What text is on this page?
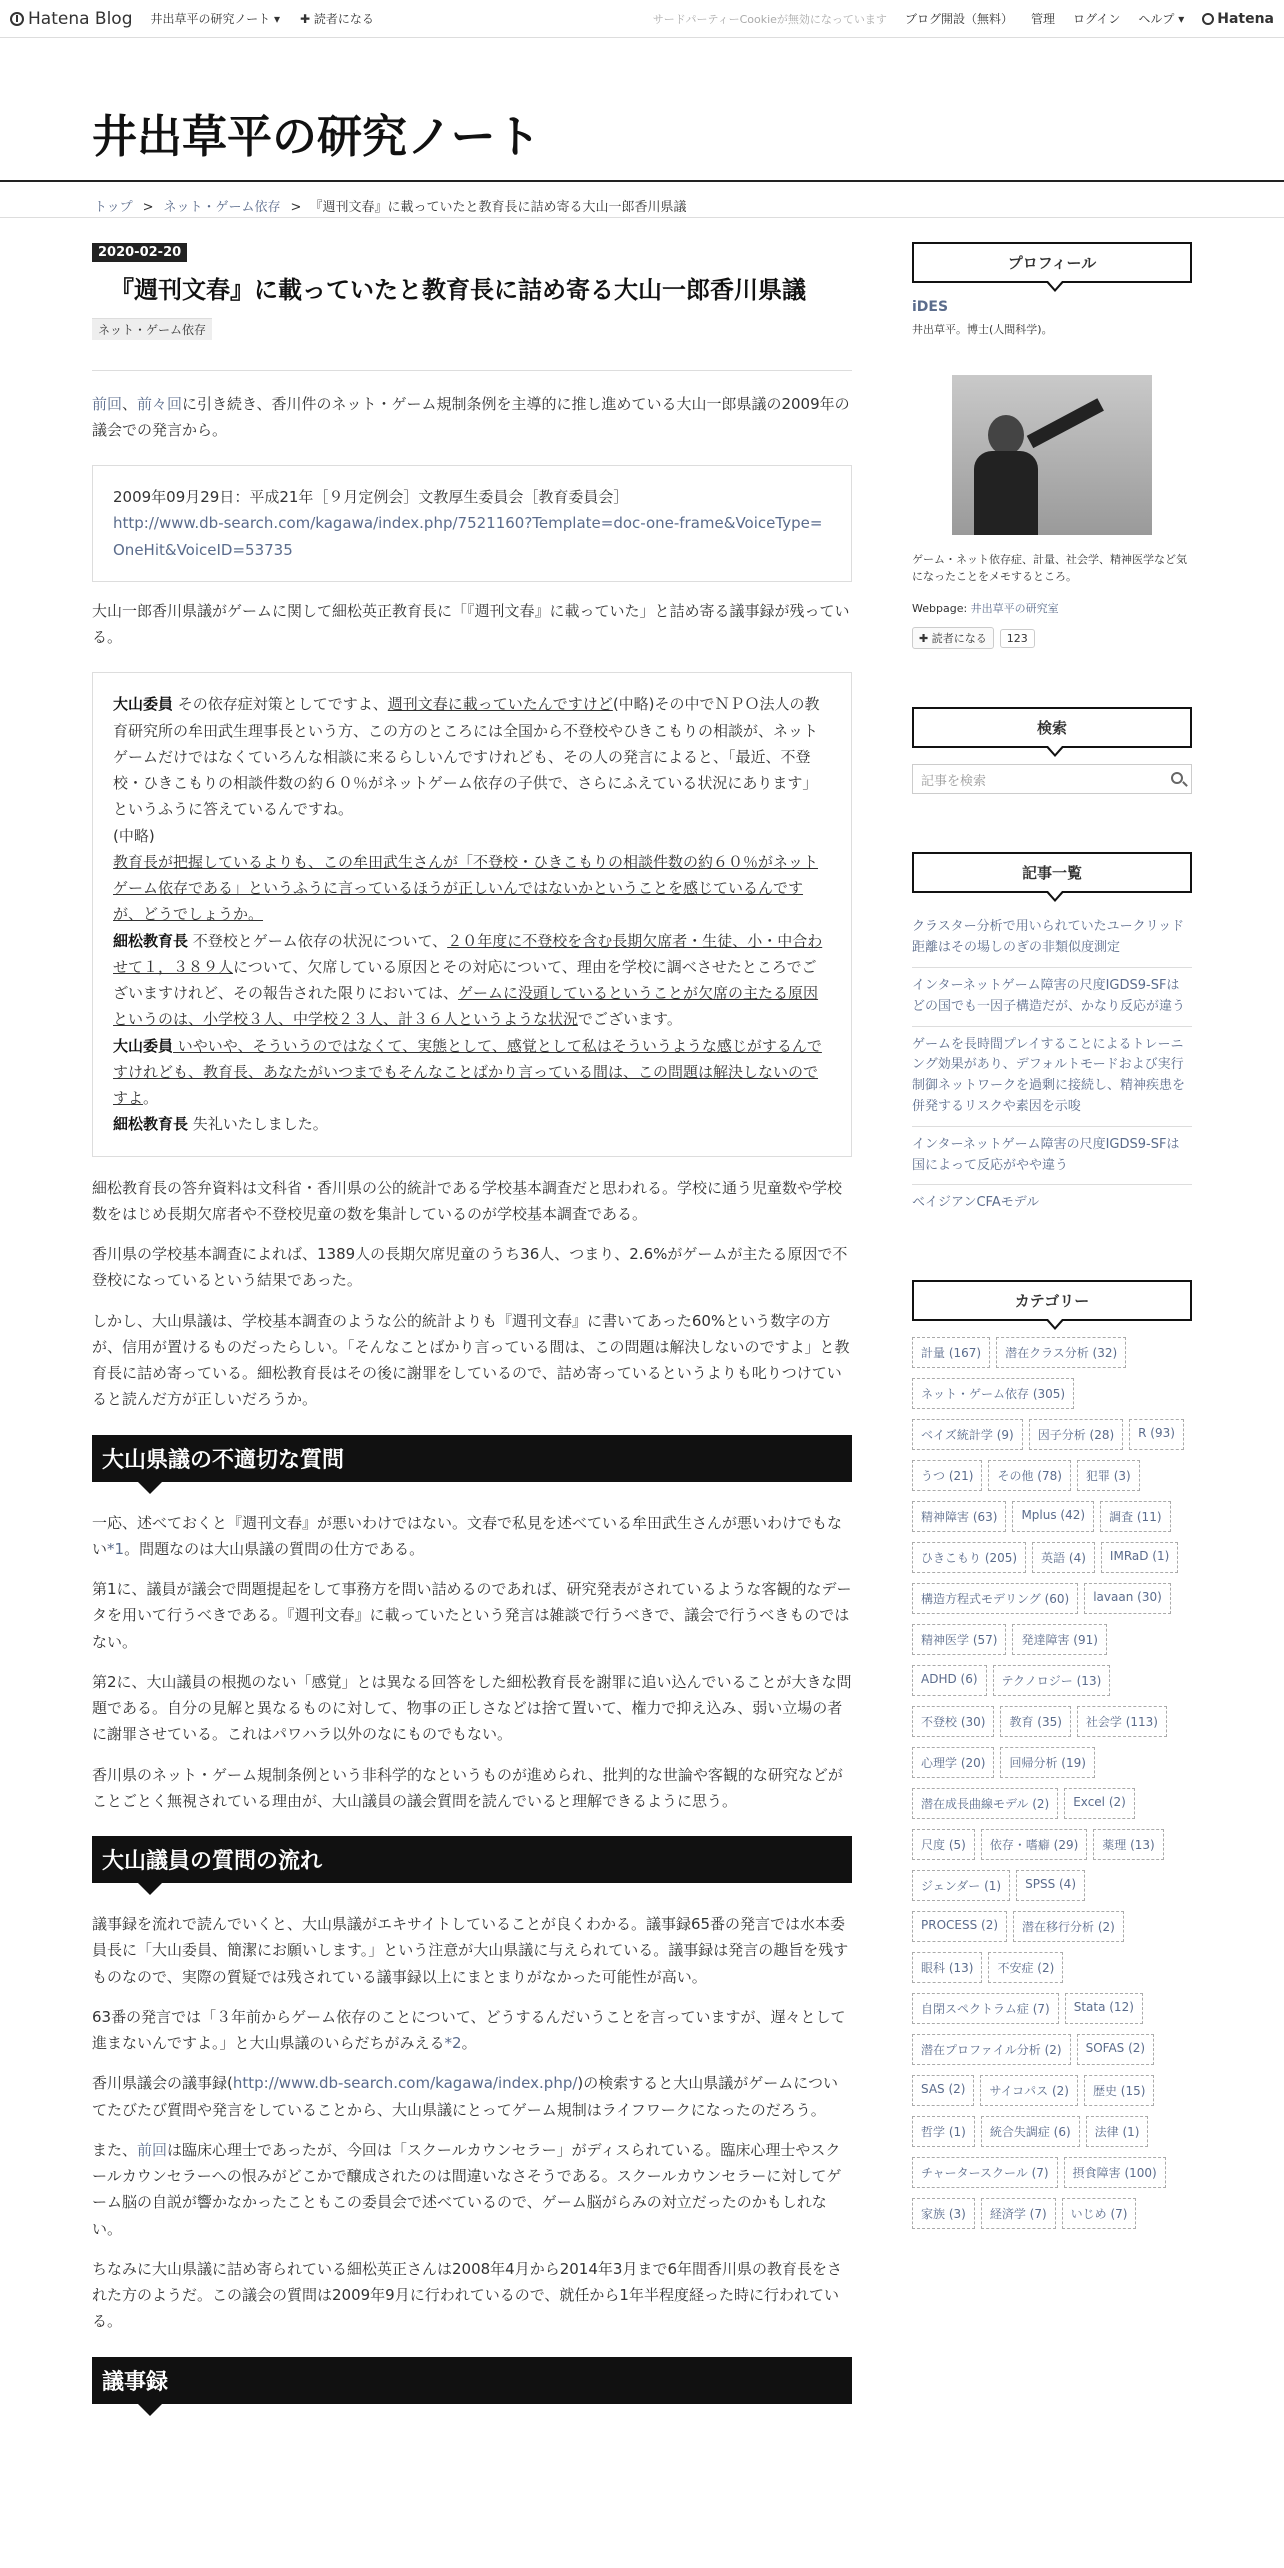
Hatena Blog 井出草平の研究ノート ▾ ✚ 読者になる	サードパーティーCookieが無効になっています ブログ開設（無料） 管理 ログイン ヘルプ ▾ Hatena
井出草平の研究ノート
トップ > ネット・ゲーム依存 > 『週刊文春』に載っていたと教育長に詰め寄る大山一郎香川県議
2020-02-20
『週刊文春』に載っていたと教育長に詰め寄る大山一郎香川県議
ネット・ゲーム依存

前回、前々回に引き続き、香川件のネット・ゲーム規制条例を主導的に推し進めている大山一郎県議の2009年の議会での発言から。

2009年09月29日：平成21年［９月定例会］文教厚生委員会［教育委員会］

http://www.db-search.com/kagawa/index.php/7521160?Template=doc-one-frame&VoiceType=OneHit&VoiceID=53735

大山一郎香川県議がゲームに関して細松英正教育長に「『週刊文春』に載っていた」と詰め寄る議事録が残っている。

大山委員 その依存症対策としてですよ、週刊文春に載っていたんですけど(中略)その中でＮＰＯ法人の教育研究所の牟田武生理事長という方、この方のところには全国から不登校やひきこもりの相談が、ネットゲームだけではなくていろんな相談に来るらしいんですけれども、その人の発言によると、「最近、不登校・ひきこもりの相談件数の約６０％がネットゲーム依存の子供で、さらにふえている状況にあります」というふうに答えているんですね。

(中略)

教育長が把握しているよりも、この牟田武生さんが「不登校・ひきこもりの相談件数の約６０％がネットゲーム依存である」というふうに言っているほうが正しいんではないかということを感じているんですが、どうでしょうか。

細松教育長 不登校とゲーム依存の状況について、２０年度に不登校を含む長期欠席者・生徒、小・中合わせて１，３８９人について、欠席している原因とその対応について、理由を学校に調べさせたところでございますけれど、その報告された限りにおいては、ゲームに没頭しているということが欠席の主たる原因というのは、小学校３人、中学校２３人、計３６人というような状況でございます。

大山委員 いやいや、そういうのではなくて、実態として、感覚として私はそういうような感じがするんですけれども、教育長、あなたがいつまでもそんなことばかり言っている間は、この問題は解決しないのですよ。

細松教育長 失礼いたしました。

細松教育長の答弁資料は文科省・香川県の公的統計である学校基本調査だと思われる。学校に通う児童数や学校数をはじめ長期欠席者や不登校児童の数を集計しているのが学校基本調査である。

香川県の学校基本調査によれば、1389人の長期欠席児童のうち36人、つまり、2.6%がゲームが主たる原因で不登校になっているという結果であった。

しかし、大山県議は、学校基本調査のような公的統計よりも『週刊文春』に書いてあった60%という数字の方が、信用が置けるものだったらしい。「そんなことばかり言っている間は、この問題は解決しないのですよ」と教育長に詰め寄っている。細松教育長はその後に謝罪をしているので、詰め寄っているというよりも叱りつけていると読んだ方が正しいだろうか。

大山県議の不適切な質問

一応、述べておくと『週刊文春』が悪いわけではない。文春で私見を述べている牟田武生さんが悪いわけでもない*1。問題なのは大山県議の質問の仕方である。

第1に、議員が議会で問題提起をして事務方を問い詰めるのであれば、研究発表がされているような客観的なデータを用いて行うべきである。『週刊文春』に載っていたという発言は雑談で行うべきで、議会で行うべきものではない。

第2に、大山議員の根拠のない「感覚」とは異なる回答をした細松教育長を謝罪に追い込んでいることが大きな問題である。自分の見解と異なるものに対して、物事の正しさなどは捨て置いて、権力で抑え込み、弱い立場の者に謝罪させている。これはパワハラ以外のなにものでもない。

香川県のネット・ゲーム規制条例という非科学的なというものが進められ、批判的な世論や客観的な研究などがことごとく無視されている理由が、大山議員の議会質問を読んでいると理解できるように思う。

大山議員の質問の流れ

議事録を流れで読んでいくと、大山県議がエキサイトしていることが良くわかる。議事録65番の発言では水本委員長に「大山委員、簡潔にお願いします。」という注意が大山県議に与えられている。議事録は発言の趣旨を残すものなので、実際の質疑では残されている議事録以上にまとまりがなかった可能性が高い。

63番の発言では「３年前からゲーム依存のことについて、どうするんだいうことを言っていますが、遅々として進まないんですよ。」と大山県議のいらだちがみえる*2。

香川県議会の議事録(http://www.db-search.com/kagawa/index.php/)の検索すると大山県議がゲームについてたびたび質問や発言をしていることから、大山県議にとってゲーム規制はライフワークになったのだろう。

また、前回は臨床心理士であったが、今回は「スクールカウンセラー」がディスられている。臨床心理士やスクールカウンセラーへの恨みがどこかで醸成されたのは間違いなさそうである。スクールカウンセラーに対してゲーム脳の自説が響かなかったこともこの委員会で述べているので、ゲーム脳がらみの対立だったのかもしれない。

ちなみに大山県議に詰め寄られている細松英正さんは2008年4月から2014年3月まで6年間香川県の教育長をされた方のようだ。この議会の質問は2009年9月に行われているので、就任から1年半程度経った時に行われている。

議事録
プロフィール
iDES
井出草平。博士(人間科学)。
ゲーム・ネット依存症、計量、社会学、精神医学など気になったことをメモするところ。
Webpage: 井出草平の研究室
✚ 読者になる	123
検索
記事を検索
記事一覧
クラスター分析で用いられていたユークリッド距離はその場しのぎの非類似度測定
インターネットゲーム障害の尺度IGDS9-SFはどの国でも一因子構造だが、かなり反応が違う
ゲームを長時間プレイすることによるトレーニング効果があり、デフォルトモードおよび実行制御ネットワークを過剰に接続し、精神疾患を併発するリスクや素因を示唆
インターネットゲーム障害の尺度IGDS9-SFは国によって反応がやや違う
ベイジアンCFAモデル
カテゴリー
計量 (167)	潜在クラス分析 (32)
ネット・ゲーム依存 (305)
ベイズ統計学 (9)	因子分析 (28)	R (93)
うつ (21)	その他 (78)	犯罪 (3)
精神障害 (63)	Mplus (42)	調査 (11)
ひきこもり (205)	英語 (4)	IMRaD (1)
構造方程式モデリング (60)	lavaan (30)
精神医学 (57)	発達障害 (91)
ADHD (6)	テクノロジー (13)
不登校 (30)	教育 (35)	社会学 (113)
心理学 (20)	回帰分析 (19)
潜在成長曲線モデル (2)	Excel (2)
尺度 (5)	依存・嗜癖 (29)	薬理 (13)
ジェンダー (1)	SPSS (4)
PROCESS (2)	潜在移行分析 (2)
眼科 (13)	不安症 (2)
自閉スペクトラム症 (7)	Stata (12)
潜在プロファイル分析 (2)	SOFAS (2)
SAS (2)	サイコパス (2)	歴史 (15)
哲学 (1)	統合失調症 (6)	法律 (1)
チャータースクール (7)	摂食障害 (100)
家族 (3)	経済学 (7)	いじめ (7)
